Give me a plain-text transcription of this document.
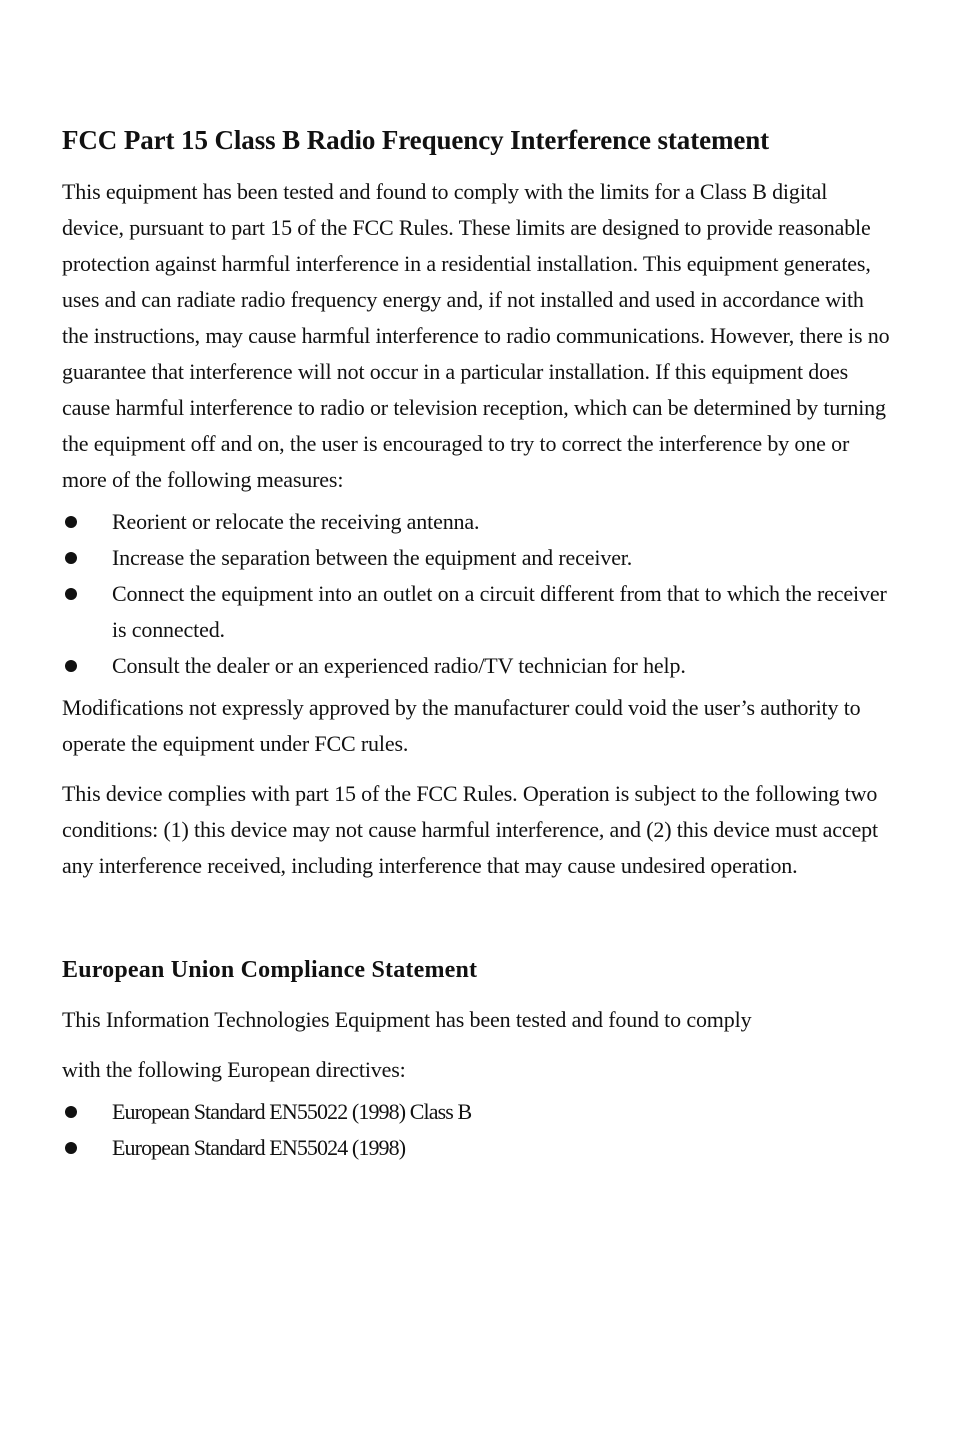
FCC Part 15 Class B Radio Frequency Interference statement

This equipment has been tested and found to comply with the limits for a Class B digital device, pursuant to part 15 of the FCC Rules. These limits are designed to provide reasonable protection against harmful interference in a residential installation. This equipment generates, uses and can radiate radio frequency energy and, if not installed and used in accordance with the instructions, may cause harmful interference to radio communications. However, there is no guarantee that interference will not occur in a particular installation. If this equipment does cause harmful interference to radio or television reception, which can be determined by turning the equipment off and on, the user is encouraged to try to correct the interference by one or more of the following measures:

Reorient or relocate the receiving antenna.
Increase the separation between the equipment and receiver.
Connect the equipment into an outlet on a circuit different from that to which the receiver is connected.
Consult the dealer or an experienced radio/TV technician for help.

Modifications not expressly approved by the manufacturer could void the user’s authority to operate the equipment under FCC rules.

This device complies with part 15 of the FCC Rules. Operation is subject to the following two conditions: (1) this device may not cause harmful interference, and (2) this device must accept any interference received, including interference that may cause undesired operation.

European Union Compliance Statement

This Information Technologies Equipment has been tested and found to comply

with the following European directives:

European Standard EN55022 (1998) Class B
European Standard EN55024 (1998)
